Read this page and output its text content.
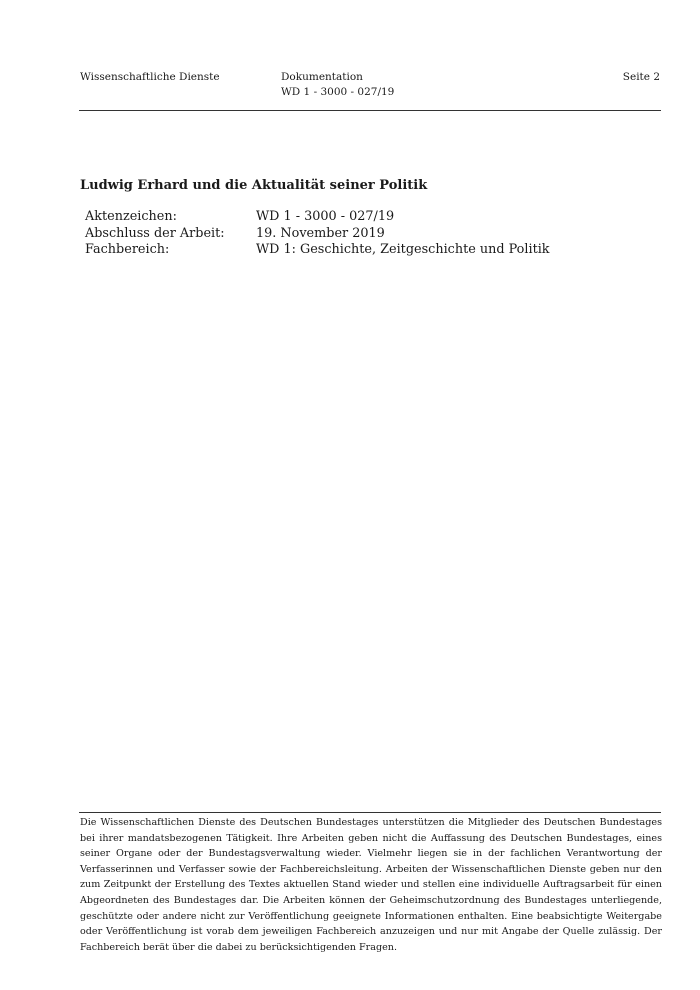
Wissenschaftliche Dienste	Dokumentation
WD 1 - 3000 - 027/19
Seite 2
Ludwig Erhard und die Aktualität seiner Politik
Aktenzeichen:	WD 1 - 3000 - 027/19
Abschluss der Arbeit:	19. November 2019
Fachbereich:	WD 1: Geschichte, Zeitgeschichte und Politik
Die Wissenschaftlichen Dienste des Deutschen Bundestages unterstützen die Mitglieder des Deutschen Bundestages bei ihrer mandatsbezogenen Tätigkeit. Ihre Arbeiten geben nicht die Auffassung des Deutschen Bundestages, eines seiner Organe oder der Bundestagsverwaltung wieder. Vielmehr liegen sie in der fachlichen Verantwortung der Verfasserinnen und Verfasser sowie der Fachbereichsleitung. Arbeiten der Wissenschaftlichen Dienste geben nur den zum Zeitpunkt der Erstellung des Textes aktuellen Stand wieder und stellen eine individuelle Auftragsarbeit für einen Abgeordneten des Bundestages dar. Die Arbeiten können der Geheimschutzordnung des Bundestages unterliegende, geschützte oder andere nicht zur Veröffentlichung geeignete Informationen enthalten. Eine beabsichtigte Weitergabe oder Veröffentlichung ist vorab dem jeweiligen Fachbereich anzuzeigen und nur mit Angabe der Quelle zulässig. Der Fachbereich berät über die dabei zu berücksichtigenden Fragen.
